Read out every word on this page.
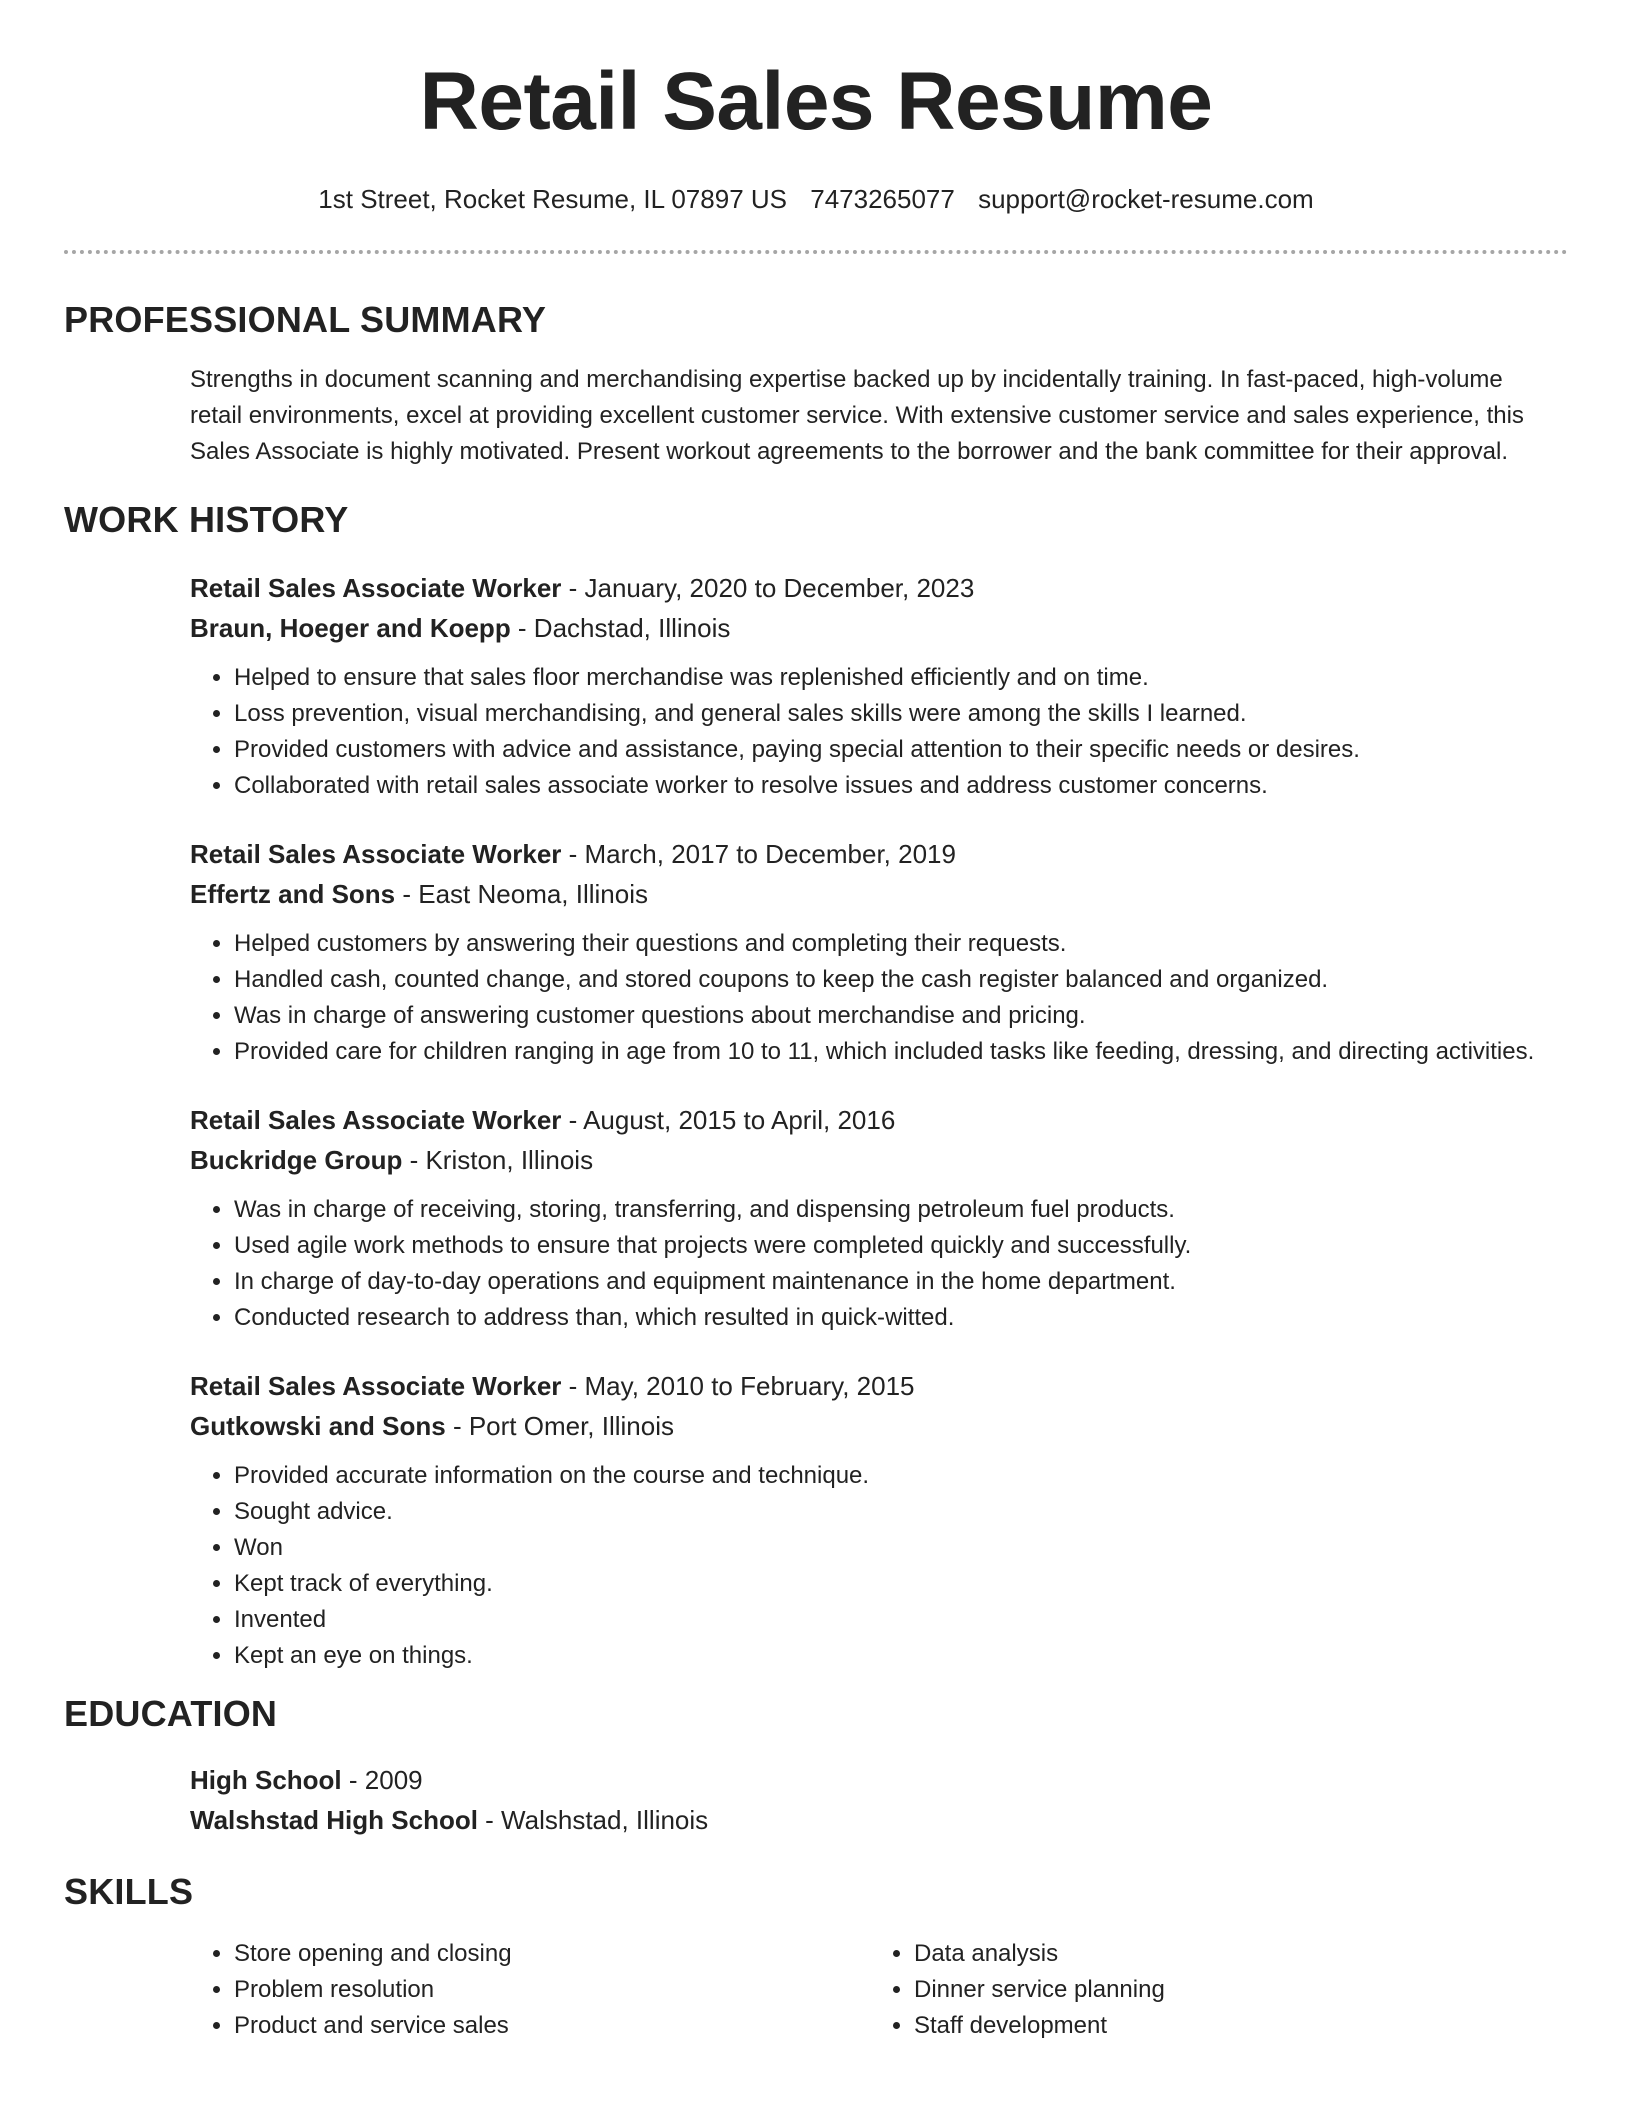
Retail Sales Resume
1st Street, Rocket Resume, IL 07897 US 7473265077 support@rocket-resume.com
PROFESSIONAL SUMMARY
Strengths in document scanning and merchandising expertise backed up by incidentally training. In fast-paced, high-volume retail environments, excel at providing excellent customer service. With extensive customer service and sales experience, this Sales Associate is highly motivated. Present workout agreements to the borrower and the bank committee for their approval.
WORK HISTORY
Retail Sales Associate Worker - January, 2020 to December, 2023
Braun, Hoeger and Koepp - Dachstad, Illinois
• Helped to ensure that sales floor merchandise was replenished efficiently and on time.
• Loss prevention, visual merchandising, and general sales skills were among the skills I learned.
• Provided customers with advice and assistance, paying special attention to their specific needs or desires.
• Collaborated with retail sales associate worker to resolve issues and address customer concerns.
Retail Sales Associate Worker - March, 2017 to December, 2019
Effertz and Sons - East Neoma, Illinois
• Helped customers by answering their questions and completing their requests.
• Handled cash, counted change, and stored coupons to keep the cash register balanced and organized.
• Was in charge of answering customer questions about merchandise and pricing.
• Provided care for children ranging in age from 10 to 11, which included tasks like feeding, dressing, and directing activities.
Retail Sales Associate Worker - August, 2015 to April, 2016
Buckridge Group - Kriston, Illinois
• Was in charge of receiving, storing, transferring, and dispensing petroleum fuel products.
• Used agile work methods to ensure that projects were completed quickly and successfully.
• In charge of day-to-day operations and equipment maintenance in the home department.
• Conducted research to address than, which resulted in quick-witted.
Retail Sales Associate Worker - May, 2010 to February, 2015
Gutkowski and Sons - Port Omer, Illinois
• Provided accurate information on the course and technique.
• Sought advice.
• Won
• Kept track of everything.
• Invented
• Kept an eye on things.
EDUCATION
High School - 2009
Walshstad High School - Walshstad, Illinois
SKILLS
• Store opening and closing
• Problem resolution
• Product and service sales
• Data analysis
• Dinner service planning
• Staff development
